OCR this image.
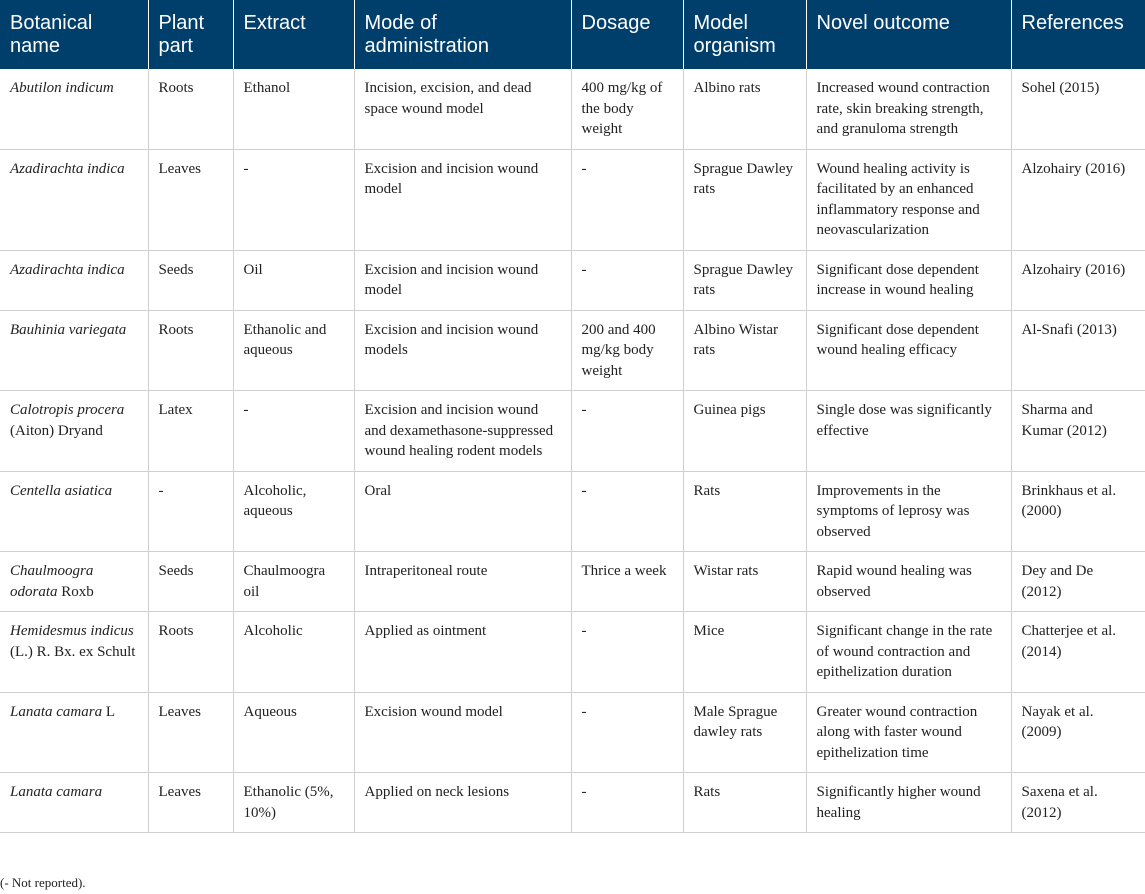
Botanical name	Plant part	Extract	Mode of administration	Dosage	Model organism	Novel outcome	References
Abutilon indicum	Roots	Ethanol	Incision, excision, and dead space wound model	400 mg/kg of the body weight	Albino rats	Increased wound contraction rate, skin breaking strength, and granuloma strength	Sohel (2015)
Azadirachta indica	Leaves	-	Excision and incision wound model	-	Sprague Dawley rats	Wound healing activity is facilitated by an enhanced inflammatory response and neovascularization	Alzohairy (2016)
Azadirachta indica	Seeds	Oil	Excision and incision wound model	-	Sprague Dawley rats	Significant dose dependent increase in wound healing	Alzohairy (2016)
Bauhinia variegata	Roots	Ethanolic and aqueous	Excision and incision wound models	200 and 400 mg/kg body weight	Albino Wistar rats	Significant dose dependent wound healing efficacy	Al-Snafi (2013)
Calotropis procera (Aiton) Dryand	Latex	-	Excision and incision wound and dexamethasone-suppressed wound healing rodent models	-	Guinea pigs	Single dose was significantly effective	Sharma and Kumar (2012)
Centella asiatica	-	Alcoholic, aqueous	Oral	-	Rats	Improvements in the symptoms of leprosy was observed	Brinkhaus et al. (2000)
Chaulmoogra odorata Roxb	Seeds	Chaulmoogra oil	Intraperitoneal route	Thrice a week	Wistar rats	Rapid wound healing was observed	Dey and De (2012)
Hemidesmus indicus (L.) R. Bx. ex Schult	Roots	Alcoholic	Applied as ointment	-	Mice	Significant change in the rate of wound contraction and epithelization duration	Chatterjee et al. (2014)
Lanata camara L	Leaves	Aqueous	Excision wound model	-	Male Sprague dawley rats	Greater wound contraction along with faster wound epithelization time	Nayak et al. (2009)
Lanata camara	Leaves	Ethanolic (5%, 10%)	Applied on neck lesions	-	Rats	Significantly higher wound healing	Saxena et al. (2012)
(- Not reported).
